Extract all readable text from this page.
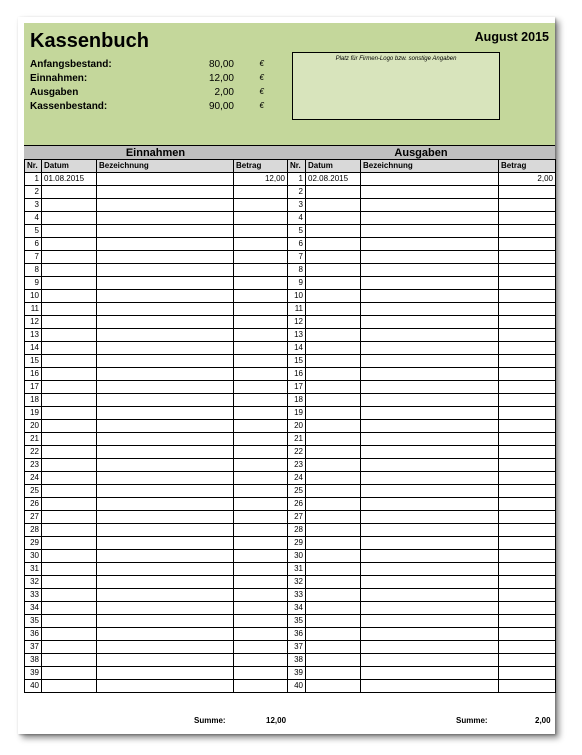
Kassenbuch	August 2015
Anfangsbestand:	80,00	€
Einnahmen:	12,00	€
Ausgaben	2,00	€
Kassenbestand:	90,00	€
Platz für Firmen-Logo bzw. sonstige Angaben
Einnahmen	Ausgaben
Nr.	Datum	Bezeichnung	Betrag
1	01.08.2015		12,00
2			
3			
4			
5			
6			
7			
8			
9			
10			
11			
12			
13			
14			
15			
16			
17			
18			
19			
20			
21			
22			
23			
24			
25			
26			
27			
28			
29			
30			
31			
32			
33			
34			
35			
36			
37			
38			
39			
40			
Nr.	Datum	Bezeichnung	Betrag
1	02.08.2015		2,00
2			
3			
4			
5			
6			
7			
8			
9			
10			
11			
12			
13			
14			
15			
16			
17			
18			
19			
20			
21			
22			
23			
24			
25			
26			
27			
28			
29			
30			
31			
32			
33			
34			
35			
36			
37			
38			
39			
40			
Summe:	12,00	Summe:	2,00
